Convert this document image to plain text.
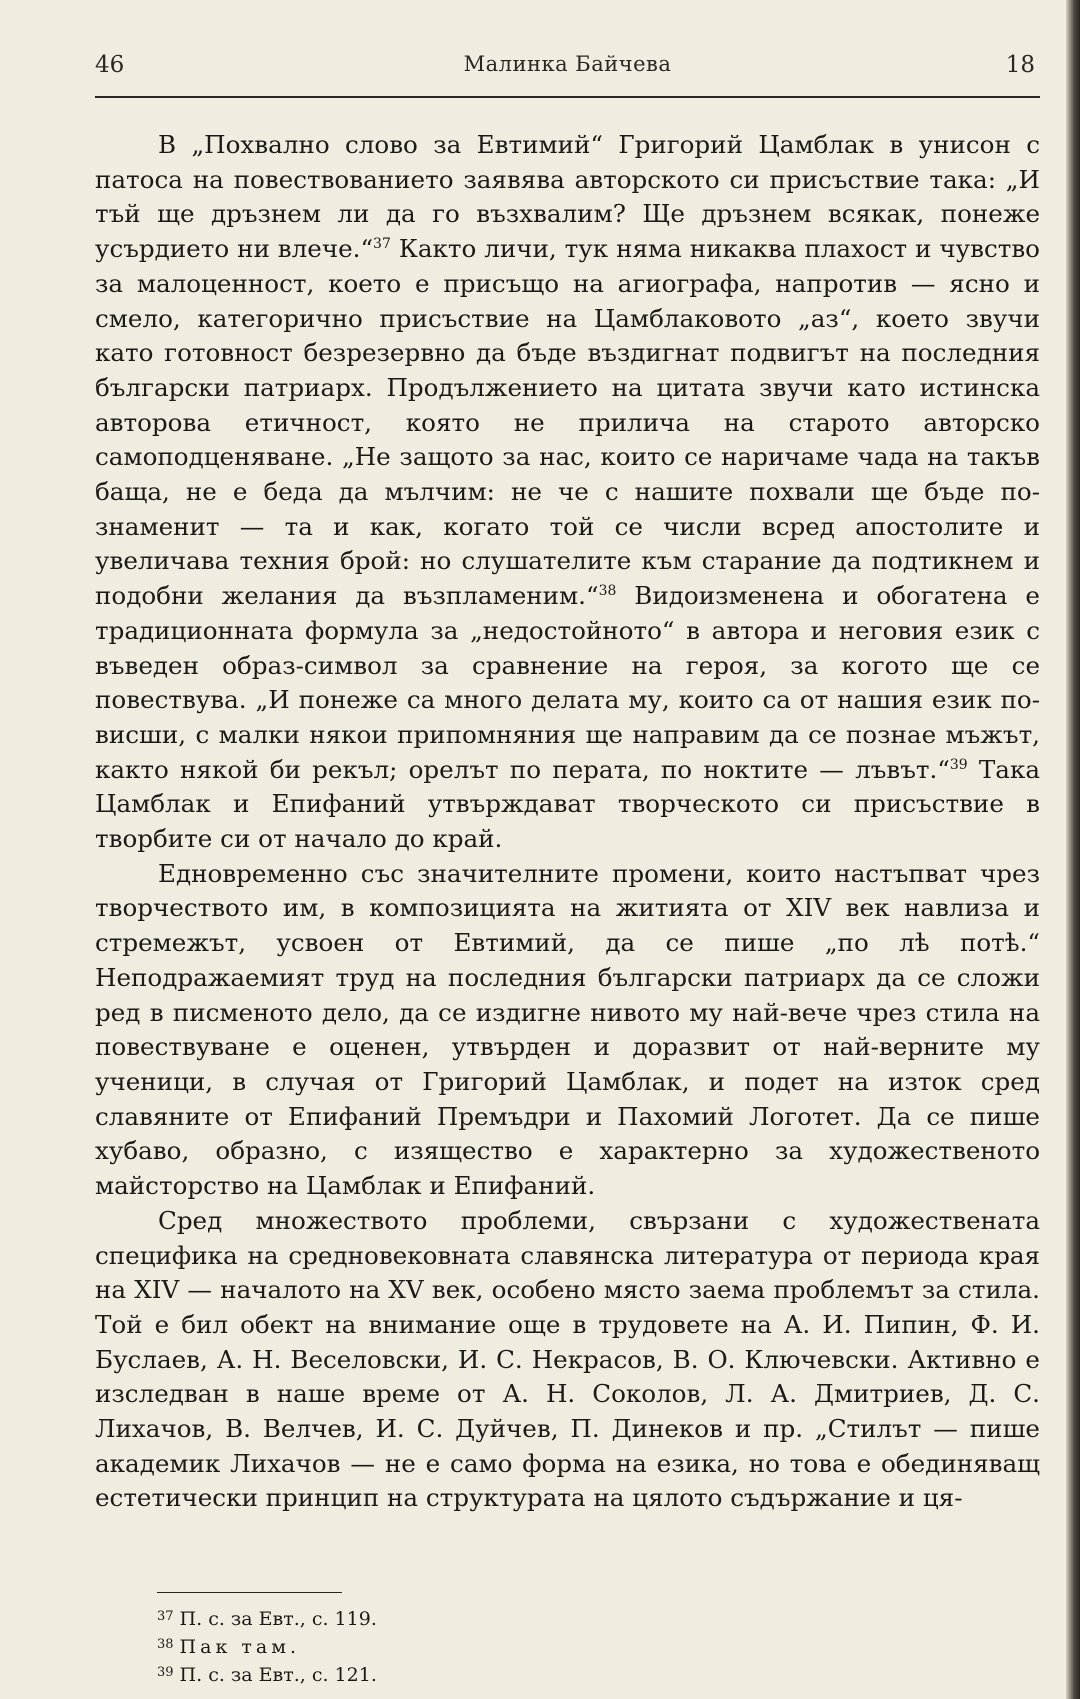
46	Малинка Байчева	18

В „Похвално слово за Евтимий“ Григорий Цамблак в унисон с патоса на повествованието заявява авторското си присъствие така: „И тъй ще дръзнем ли да го възхвалим? Ще дръзнем всякак, понеже усърдието ни влече.“$^{37}$ Както личи, тук няма никаква плахост и чувство за малоценност, което е присъщо на агиографа, напротив — ясно и смело, категорично присъствие на Цамблаковото „аз“, което звучи като готовност безрезервно да бъде въздигнат подвигът на последния български патриарх. Продължението на цитата звучи като истинска авторова етичност, която не прилича на старото авторско самоподценяване. „Не защото за нас, които се наричаме чада на такъв баща, не е беда да мълчим: не че с нашите похвали ще бъде по-знаменит — та и как, когато той се числи всред апостолите и увеличава техния брой: но слушателите към старание да подтикнем и подобни желания да възпламеним.“$^{38}$ Видоизменена и обогатена е традиционната формула за „недостойното“ в автора и неговия език с въведен образ-символ за сравнение на героя, за когото ще се повествува. „И понеже са много делата му, които са от нашия език по-висши, с малки някои припомняния ще направим да се познае мъжът, както някой би рекъл; орелът по перата, по ноктите — лъвът.“$^{39}$ Така Цамблак и Епифаний утвърждават творческото си присъствие в творбите си от начало до край.

Едновременно със значителните промени, които настъпват чрез творчеството им, в композицията на житията от XIV век навлиза и стремежът, усвоен от Евтимий, да се пише „по лѣ потѣ.“ Неподражаемият труд на последния български патриарх да се сложи ред в писменото дело, да се издигне нивото му най-вече чрез стила на повествуване е оценен, утвърден и доразвит от най-верните му ученици, в случая от Григорий Цамблак, и подет на изток сред славяните от Епифаний Премъдри и Пахомий Логотет. Да се пише хубаво, образно, с изящество е характерно за художественото майсторство на Цамблак и Епифаний.

Сред множеството проблеми, свързани с художествената специфика на средновековната славянска литература от периода края на XIV — началото на XV век, особено място заема проблемът за стила. Той е бил обект на внимание още в трудовете на А. И. Пипин, Ф. И. Буслаев, А. Н. Веселовски, И. С. Некрасов, В. О. Ключевски. Активно е изследван в наше време от А. Н. Соколов, Л. А. Дмитриев, Д. С. Лихачов, В. Велчев, И. С. Дуйчев, П. Динеков и пр. „Стилът — пише академик Лихачов — не е само форма на езика, но това е обединяващ естетически принцип на структурата на цялото съдържание и ця-

$^{37}$ П. с. за Евт., с. 119.
$^{38}$ Пак там.
$^{39}$ П. с. за Евт., с. 121.
